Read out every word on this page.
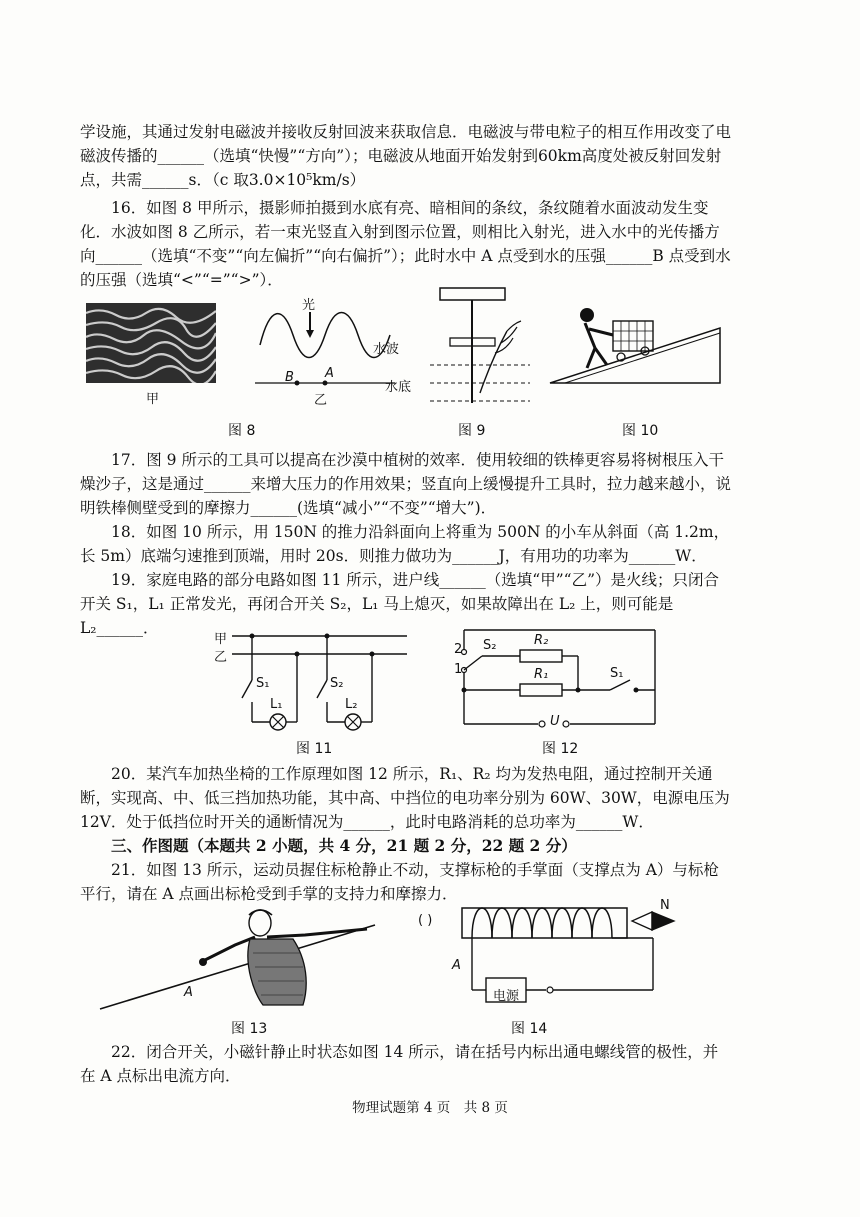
学设施，其通过发射电磁波并接收反射回波来获取信息．电磁波与带电粒子的相互作用改变了电磁波传播的______（选填“快慢”“方向”）；电磁波从地面开始发射到60km高度处被反射回发射点，共需______s．（c 取3.0×10⁵km/s）
16．如图 8 甲所示，摄影师拍摄到水底有亮、暗相间的条纹，条纹随着水面波动发生变化．水波如图 8 乙所示，若一束光竖直入射到图示位置，则相比入射光，进入水中的光传播方向______（选填“不变”“向左偏折”“向右偏折”）；此时水中 A 点受到水的压强______B 点受到水的压强（选填“<”“=”“>”）．
甲
光
水波
水底
B A
乙
图 8	图 9	图 10
17．图 9 所示的工具可以提高在沙漠中植树的效率．使用较细的铁棒更容易将树根压入干燥沙子，这是通过______来增大压力的作用效果；竖直向上缓慢提升工具时，拉力越来越小，说明铁棒侧壁受到的摩擦力______(选填“减小”“不变”“增大”)．
18．如图 10 所示，用 150N 的推力沿斜面向上将重为 500N 的小车从斜面（高 1.2m，长 5m）底端匀速推到顶端，用时 20s．则推力做功为______J，有用功的功率为______W．
19．家庭电路的部分电路如图 11 所示，进户线______（选填“甲”“乙”）是火线；只闭合开关 S₁，L₁ 正常发光，再闭合开关 S₂，L₁ 马上熄灭，如果故障出在 L₂ 上，则可能是 L₂______．
甲
乙
S₁	S₂
L₁	L₂
图 11
2
1
S₂	R₂
R₁	S₁
U
图 12
20．某汽车加热坐椅的工作原理如图 12 所示，R₁、R₂ 均为发热电阻，通过控制开关通断，实现高、中、低三挡加热功能，其中高、中挡位的电功率分别为 60W、30W，电源电压为 12V．处于低挡位时开关的通断情况为______，此时电路消耗的总功率为______W．
三、作图题（本题共 2 小题，共 4 分，21 题 2 分，22 题 2 分）
21．如图 13 所示，运动员握住标枪静止不动，支撑标枪的手掌面（支撑点为 A）与标枪平行，请在 A 点画出标枪受到手掌的支持力和摩擦力．
A
图 13
( )
N
A
电源
图 14
22．闭合开关，小磁针静止时状态如图 14 所示，请在括号内标出通电螺线管的极性，并在 A 点标出电流方向．
物理试题第 4 页　共 8 页
